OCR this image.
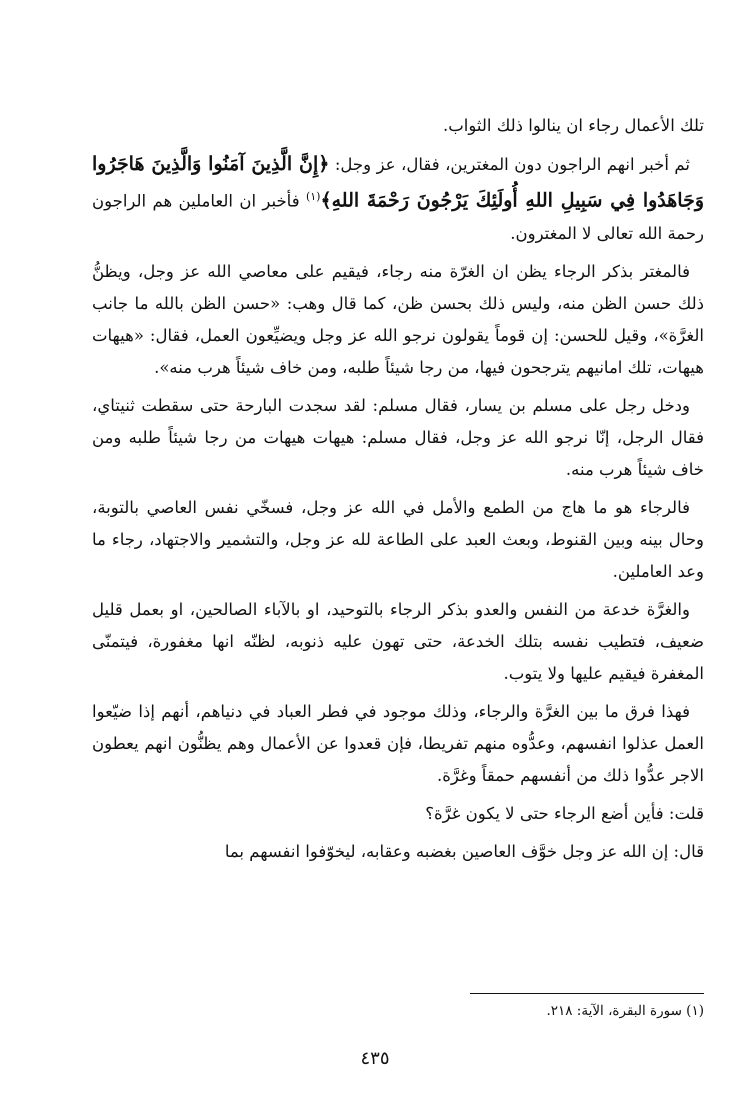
تلك الأعمال رجاء ان ينالوا ذلك الثواب.

ثم أخبر انهم الراجون دون المغترين، فقال، عز وجل: ﴿إِنَّ الَّذِينَ آمَنُوا وَالَّذِينَ هَاجَرُوا وَجَاهَدُوا فِي سَبِيلِ اللهِ أُولَئِكَ يَرْجُونَ رَحْمَةَ اللهِ﴾$^{(١)}$ فأخبر ان العاملين هم الراجون رحمة الله تعالى لا المغترون.

فالمغتر بذكر الرجاء يظن ان الغرّة منه رجاء، فيقيم على معاصي الله عز وجل، ويظنُّ ذلك حسن الظن منه، وليس ذلك بحسن ظن، كما قال وهب: «حسن الظن بالله ما جانب الغرَّة»، وقيل للحسن: إن قوماً يقولون نرجو الله عز وجل ويضيِّعون العمل، فقال: «هيهات هيهات، تلك امانيهم يترجحون فيها، من رجا شيئاً طلبه، ومن خاف شيئاً هرب منه».

ودخل رجل على مسلم بن يسار، فقال مسلم: لقد سجدت البارحة حتى سقطت ثنيتاي، فقال الرجل، إنّا نرجو الله عز وجل، فقال مسلم: هيهات هيهات من رجا شيئاً طلبه ومن خاف شيئاً هرب منه.

فالرجاء هو ما هاج من الطمع والأمل في الله عز وجل، فسخّي نفس العاصي بالتوبة، وحال بينه وبين القنوط، وبعث العبد على الطاعة لله عز وجل، والتشمير والاجتهاد، رجاء ما وعد العاملين.

والغرَّة خدعة من النفس والعدو بذكر الرجاء بالتوحيد، او بالآباء الصالحين، او بعمل قليل ضعيف، فتطيب نفسه بتلك الخدعة، حتى تهون عليه ذنوبه، لظنّه انها مغفورة، فيتمنّى المغفرة فيقيم عليها ولا يتوب.

فهذا فرق ما بين الغرَّة والرجاء، وذلك موجود في فطر العباد في دنياهم، أنهم إذا ضيّعوا العمل عذلوا انفسهم، وعدُّوه منهم تفريطا، فإن قعدوا عن الأعمال وهم يظنُّون انهم يعطون الاجر عدُّوا ذلك من أنفسهم حمقاً وغرَّة.

قلت: فأين أضع الرجاء حتى لا يكون غرَّة؟

قال: إن الله عز وجل خوَّف العاصين بغضبه وعقابه، ليخوّفوا انفسهم بما

(١) سورة البقرة، الآية: ٢١٨.
٤٣٥
